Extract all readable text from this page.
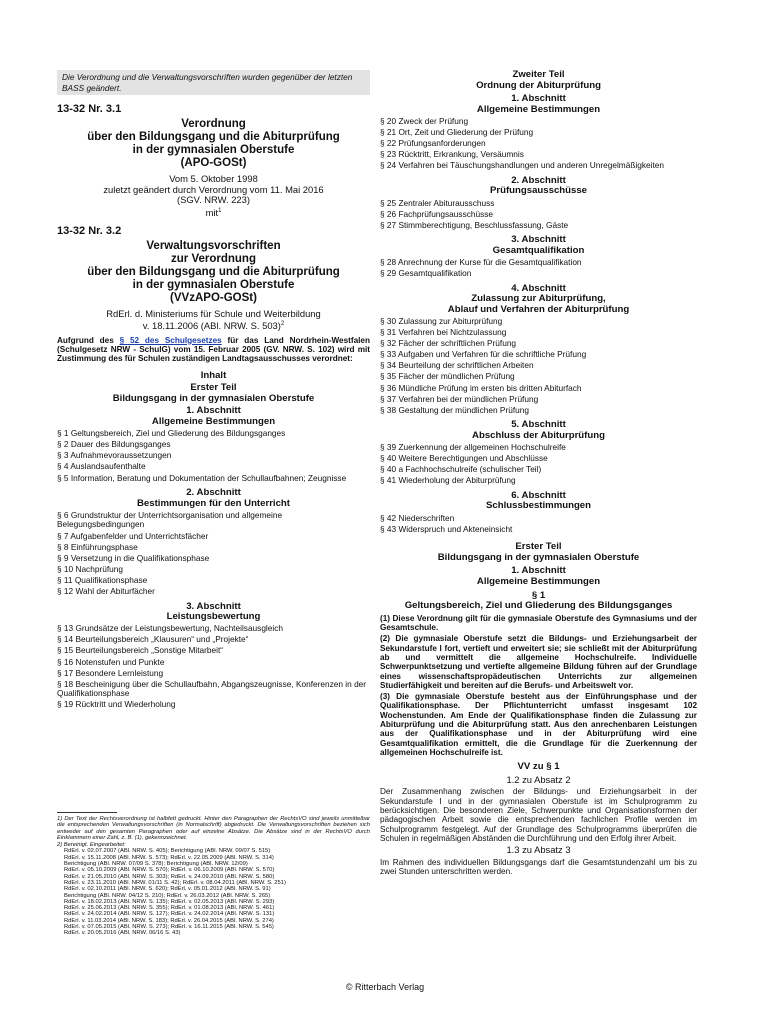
Die Verordnung und die Verwaltungsvorschriften wurden gegenüber der letzten BASS geändert.
13-32 Nr. 3.1
Verordnung
über den Bildungsgang und die Abiturprüfung
in der gymnasialen Oberstufe
(APO-GOSt)
Vom 5. Oktober 1998
zuletzt geändert durch Verordnung vom 11. Mai 2016
(SGV. NRW. 223)
mit$^1$
13-32 Nr. 3.2
Verwaltungsvorschriften
zur Verordnung
über den Bildungsgang und die Abiturprüfung
in der gymnasialen Oberstufe
(VVzAPO-GOSt)
RdErl. d. Ministeriums für Schule und Weiterbildung
v. 18.11.2006 (ABl. NRW. S. 503)$^2$
Aufgrund des § 52 des Schulgesetzes für das Land Nordrhein-Westfalen (Schulgesetz NRW - SchulG) vom 15. Februar 2005 (GV. NRW. S. 102) wird mit Zustimmung des für Schulen zuständigen Landtagsausschusses verordnet:
Inhalt
Erster Teil
Bildungsgang in der gymnasialen Oberstufe
1. Abschnitt
Allgemeine Bestimmungen
§ 1 Geltungsbereich, Ziel und Gliederung des Bildungsganges
§ 2 Dauer des Bildungsganges
§ 3 Aufnahmevoraussetzungen
§ 4 Auslandsaufenthalte
§ 5 Information, Beratung und Dokumentation der Schullaufbahnen; Zeugnisse
2. Abschnitt
Bestimmungen für den Unterricht
§ 6 Grundstruktur der Unterrichtsorganisation und allgemeine Belegungsbedingungen
§ 7 Aufgabenfelder und Unterrichtsfächer
§ 8 Einführungsphase
§ 9 Versetzung in die Qualifikationsphase
§ 10 Nachprüfung
§ 11 Qualifikationsphase
§ 12 Wahl der Abiturfächer
3. Abschnitt
Leistungsbewertung
§ 13 Grundsätze der Leistungsbewertung, Nachteilsausgleich
§ 14 Beurteilungsbereich „Klausuren“ und „Projekte“
§ 15 Beurteilungsbereich „Sonstige Mitarbeit“
§ 16 Notenstufen und Punkte
§ 17 Besondere Lernleistung
§ 18 Bescheinigung über die Schullaufbahn, Abgangszeugnisse, Konferenzen in der Qualifikationsphase
§ 19 Rücktritt und Wiederholung
1) Der Text der Rechtsverordnung ist halbfett gedruckt. Hinter den Paragraphen der RechtsVO sind jeweils unmittelbar die entsprechenden Verwaltungsvorschriften (in Normalschrift) abgedruckt. Die Verwaltungsvorschriften beziehen sich entweder auf den gesamten Paragraphen oder auf einzelne Absätze. Die Absätze sind in der RechtsVO durch Einklammern einer Zahl, z. B. (1), gekennzeichnet.
2) Bereinigt. Eingearbeitet:
RdErl. v. 02.07.2007 (ABl. NRW. S. 405); Berichtigung (ABl. NRW. 09/07 S. 515)
RdErl. v. 15.11.2008 (ABl. NRW. S. 573); RdErl. v. 22.05.2009 (ABl. NRW. S. 314)
Berichtigung (ABl. NRW. 07/09 S. 378); Berichtigung (ABl. NRW. 12/09)
RdErl. v. 05.10.2009 (ABl. NRW. S. 570); RdErl. v. 06.10.2009 (ABl. NRW. S. 570)
RdErl. v. 21.05.2010 (ABl. NRW. S. 303); RdErl. v. 24.09.2010 (ABl. NRW. S. 580)
RdErl. v. 23.11.2010 (ABl. NRW. 01/11 S. 42); RdErl. v. 08.04.2011 (ABl. NRW. S. 251)
RdErl. v. 02.10.2011 (ABl. NRW. S. 620); RdErl. v. 05.01.2012 (ABl. NRW. S. 91)
Berichtigung (ABl. NRW. 04/12 S. 210); RdErl. v. 26.03.2012 (ABl. NRW. S. 265)
RdErl. v. 18.02.2013 (ABl. NRW. S. 135); RdErl. v. 02.05.2013 (ABl. NRW. S. 293)
RdErl. v. 25.06.2013 (ABl. NRW. S. 355); RdErl. v. 01.08.2013 (ABl. NRW. S. 461)
RdErl. v. 24.02.2014 (ABl. NRW. S. 127); RdErl. v. 24.02.2014 (ABl. NRW. S. 131)
RdErl. v. 11.03.2014 (ABl. NRW. S. 183); RdErl. v. 26.04.2015 (ABl. NRW. S. 274)
RdErl. v. 07.05.2015 (ABl. NRW. S. 273); RdErl. v. 16.11.2015 (ABl. NRW. S. 545)
RdErl. v. 20.05.2016 (ABl. NRW. 06/16 S. 43)
Zweiter Teil
Ordnung der Abiturprüfung
1. Abschnitt
Allgemeine Bestimmungen
§ 20 Zweck der Prüfung
§ 21 Ort, Zeit und Gliederung der Prüfung
§ 22 Prüfungsanforderungen
§ 23 Rücktritt, Erkrankung, Versäumnis
§ 24 Verfahren bei Täuschungshandlungen und anderen Unregelmäßigkeiten
2. Abschnitt
Prüfungsausschüsse
§ 25 Zentraler Abiturausschuss
§ 26 Fachprüfungsausschüsse
§ 27 Stimmberechtigung, Beschlussfassung, Gäste
3. Abschnitt
Gesamtqualifikation
§ 28 Anrechnung der Kurse für die Gesamtqualifikation
§ 29 Gesamtqualifikation
4. Abschnitt
Zulassung zur Abiturprüfung,
Ablauf und Verfahren der Abiturprüfung
§ 30 Zulassung zur Abiturprüfung
§ 31 Verfahren bei Nichtzulassung
§ 32 Fächer der schriftlichen Prüfung
§ 33 Aufgaben und Verfahren für die schriftliche Prüfung
§ 34 Beurteilung der schriftlichen Arbeiten
§ 35 Fächer der mündlichen Prüfung
§ 36 Mündliche Prüfung im ersten bis dritten Abiturfach
§ 37 Verfahren bei der mündlichen Prüfung
§ 38 Gestaltung der mündlichen Prüfung
5. Abschnitt
Abschluss der Abiturprüfung
§ 39 Zuerkennung der allgemeinen Hochschulreife
§ 40 Weitere Berechtigungen und Abschlüsse
§ 40 a Fachhochschulreife (schulischer Teil)
§ 41 Wiederholung der Abiturprüfung
6. Abschnitt
Schlussbestimmungen
§ 42 Niederschriften
§ 43 Widerspruch und Akteneinsicht
Erster Teil
Bildungsgang in der gymnasialen Oberstufe
1. Abschnitt
Allgemeine Bestimmungen
§ 1
Geltungsbereich, Ziel und Gliederung des Bildungsganges
(1) Diese Verordnung gilt für die gymnasiale Oberstufe des Gymnasiums und der Gesamtschule.
(2) Die gymnasiale Oberstufe setzt die Bildungs- und Erziehungsarbeit der Sekundarstufe I fort, vertieft und erweitert sie; sie schließt mit der Abiturprüfung ab und vermittelt die allgemeine Hochschulreife. Individuelle Schwerpunktsetzung und vertiefte allgemeine Bildung führen auf der Grundlage eines wissenschaftspropädeutischen Unterrichts zur allgemeinen Studierfähigkeit und bereiten auf die Berufs- und Arbeitswelt vor.
(3) Die gymnasiale Oberstufe besteht aus der Einführungsphase und der Qualifikationsphase. Der Pflichtunterricht umfasst insgesamt 102 Wochenstunden. Am Ende der Qualifikationsphase finden die Zulassung zur Abiturprüfung und die Abiturprüfung statt. Aus den anrechenbaren Leistungen aus der Qualifikationsphase und in der Abiturprüfung wird eine Gesamtqualifikation ermittelt, die die Grundlage für die Zuerkennung der allgemeinen Hochschulreife ist.
VV zu § 1
1.2 zu Absatz 2
Der Zusammenhang zwischen der Bildungs- und Erziehungsarbeit in der Sekundarstufe I und in der gymnasialen Oberstufe ist im Schulprogramm zu berücksichtigen. Die besonderen Ziele, Schwerpunkte und Organisationsformen der pädagogischen Arbeit sowie die entsprechenden fachlichen Profile werden im Schulprogramm festgelegt. Auf der Grundlage des Schulprogramms überprüfen die Schulen in regelmäßigen Abständen die Durchführung und den Erfolg ihrer Arbeit.
1.3 zu Absatz 3
Im Rahmen des individuellen Bildungsgangs darf die Gesamtstundenzahl um bis zu zwei Stunden unterschritten werden.
© Ritterbach Verlag
